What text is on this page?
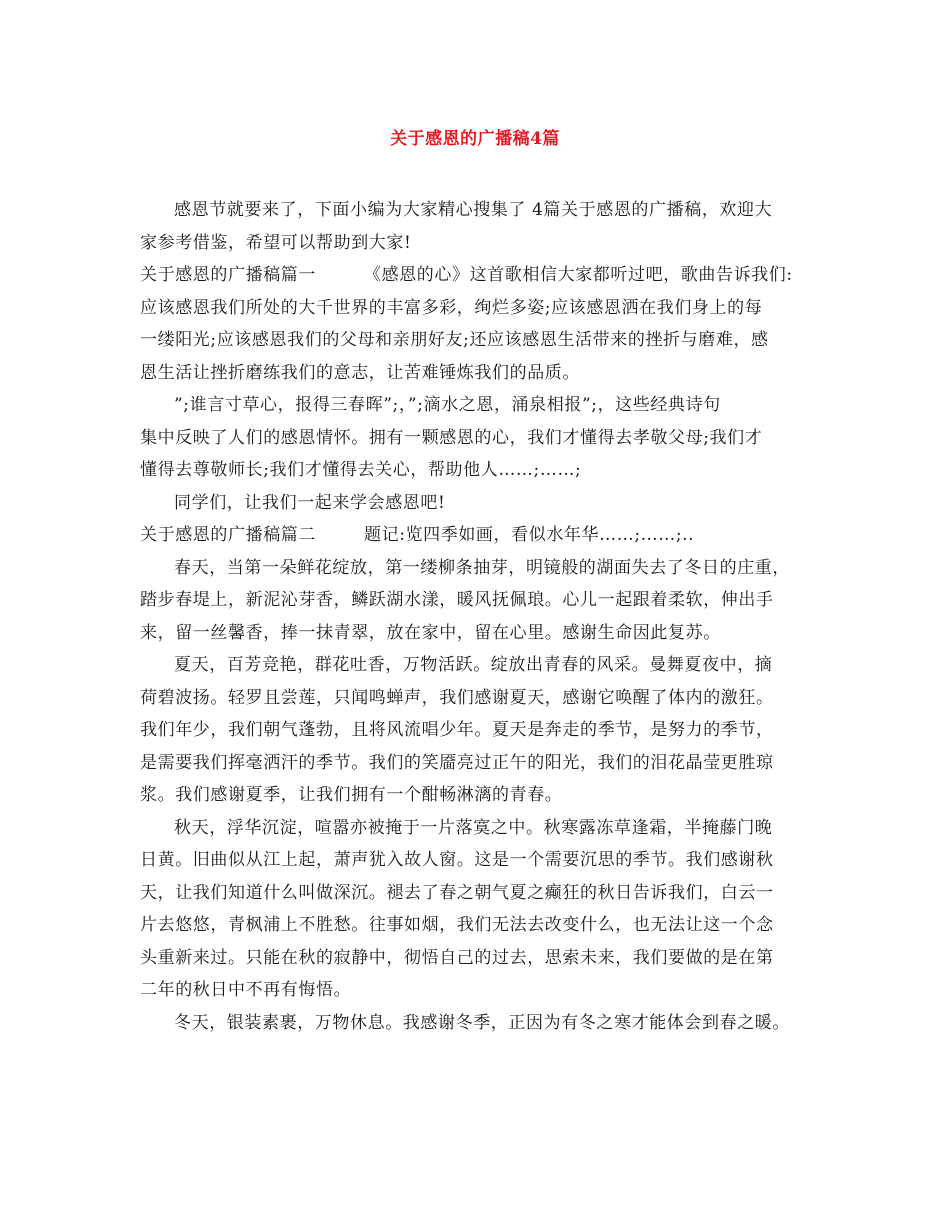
关于感恩的广播稿4篇
感恩节就要来了，下面小编为大家精心搜集了 4篇关于感恩的广播稿，欢迎大
家参考借鉴，希望可以帮助到大家!
关于感恩的广播稿篇一	《感恩的心》这首歌相信大家都听过吧，歌曲告诉我们:
应该感恩我们所处的大千世界的丰富多彩，绚烂多姿;应该感恩洒在我们身上的每
一缕阳光;应该感恩我们的父母和亲朋好友;还应该感恩生活带来的挫折与磨难，感
恩生活让挫折磨练我们的意志，让苦难锤炼我们的品质。
”;谁言寸草心，报得三春晖”;，”;滴水之恩，涌泉相报”;，这些经典诗句
集中反映了人们的感恩情怀。拥有一颗感恩的心，我们才懂得去孝敬父母;我们才
懂得去尊敬师长;我们才懂得去关心，帮助他人……;……;
同学们，让我们一起来学会感恩吧!
关于感恩的广播稿篇二	题记:览四季如画，看似水年华……;……;..
春天，当第一朵鲜花绽放，第一缕柳条抽芽，明镜般的湖面失去了冬日的庄重，
踏步春堤上，新泥沁芽香，鳞跃湖水漾，暖风抚佩琅。心儿一起跟着柔软，伸出手
来，留一丝馨香，捧一抹青翠，放在家中，留在心里。感谢生命因此复苏。
夏天，百芳竞艳，群花吐香，万物活跃。绽放出青春的风采。曼舞夏夜中，摘
荷碧波扬。轻罗且尝莲，只闻鸣蝉声，我们感谢夏天，感谢它唤醒了体内的激狂。
我们年少，我们朝气蓬勃，且将风流唱少年。夏天是奔走的季节，是努力的季节，
是需要我们挥毫洒汗的季节。我们的笑靥亮过正午的阳光，我们的泪花晶莹更胜琼
浆。我们感谢夏季，让我们拥有一个酣畅淋漓的青春。
秋天，浮华沉淀，喧嚣亦被掩于一片落寞之中。秋寒露冻草逢霜，半掩藤门晚
日黄。旧曲似从江上起，萧声犹入故人窗。这是一个需要沉思的季节。我们感谢秋
天，让我们知道什么叫做深沉。褪去了春之朝气夏之癫狂的秋日告诉我们，白云一
片去悠悠，青枫浦上不胜愁。往事如烟，我们无法去改变什么，也无法让这一个念
头重新来过。只能在秋的寂静中，彻悟自己的过去，思索未来，我们要做的是在第
二年的秋日中不再有悔悟。
冬天，银装素裹，万物休息。我感谢冬季，正因为有冬之寒才能体会到春之暖。
